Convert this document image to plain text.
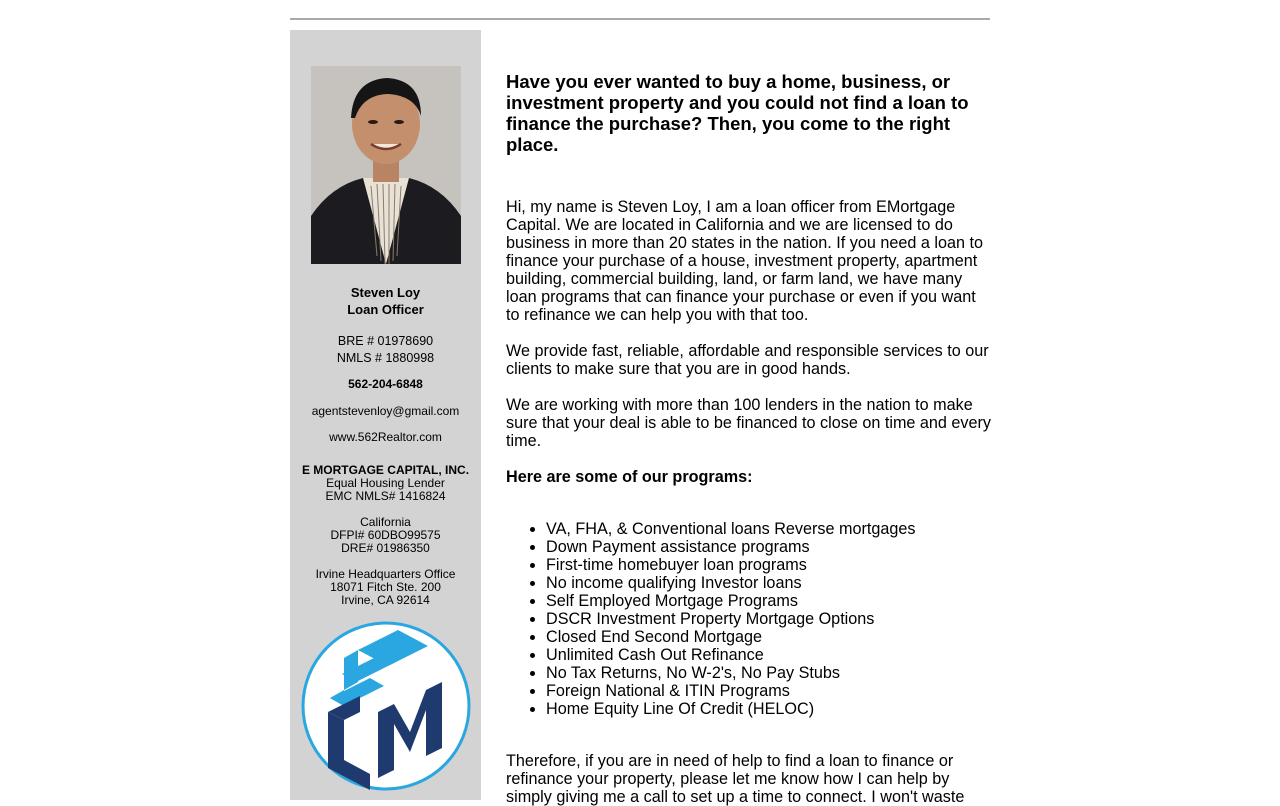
Steven Loy
Loan Officer
BRE # 01978690
NMLS # 1880998
562-204-6848
agentstevenloy@gmail.com
www.562Realtor.com
E MORTGAGE CAPITAL, INC.
Equal Housing Lender
EMC NMLS# 1416824
California
DFPI# 60DBO99575
DRE# 01986350
Irvine Headquarters Office
18071 Fitch Ste. 200
Irvine, CA 92614
Have you ever wanted to buy a home, business, or investment property and you could not find a loan to finance the purchase? Then, you come to the right place.

Hi, my name is Steven Loy, I am a loan officer from EMortgage Capital. We are located in California and we are licensed to do business in more than 20 states in the nation. If you need a loan to finance your purchase of a house, investment property, apartment building, commercial building, land, or farm land, we have many loan programs that can finance your purchase or even if you want to refinance we can help you with that too.

We provide fast, reliable, affordable and responsible services to our clients to make sure that you are in good hands.

We are working with more than 100 lenders in the nation to make sure that your deal is able to be financed to close on time and every time.

Here are some of our programs:

• VA, FHA, & Conventional loans Reverse mortgages
• Down Payment assistance programs
• First-time homebuyer loan programs
• No income qualifying Investor loans
• Self Employed Mortgage Programs
• DSCR Investment Property Mortgage Options
• Closed End Second Mortgage
• Unlimited Cash Out Refinance
• No Tax Returns, No W-2's, No Pay Stubs
• Foreign National & ITIN Programs
• Home Equity Line Of Credit (HELOC)

Therefore, if you are in need of help to find a loan to finance or refinance your property, please let me know how I can help by simply giving me a call to set up a time to connect. I won't waste
